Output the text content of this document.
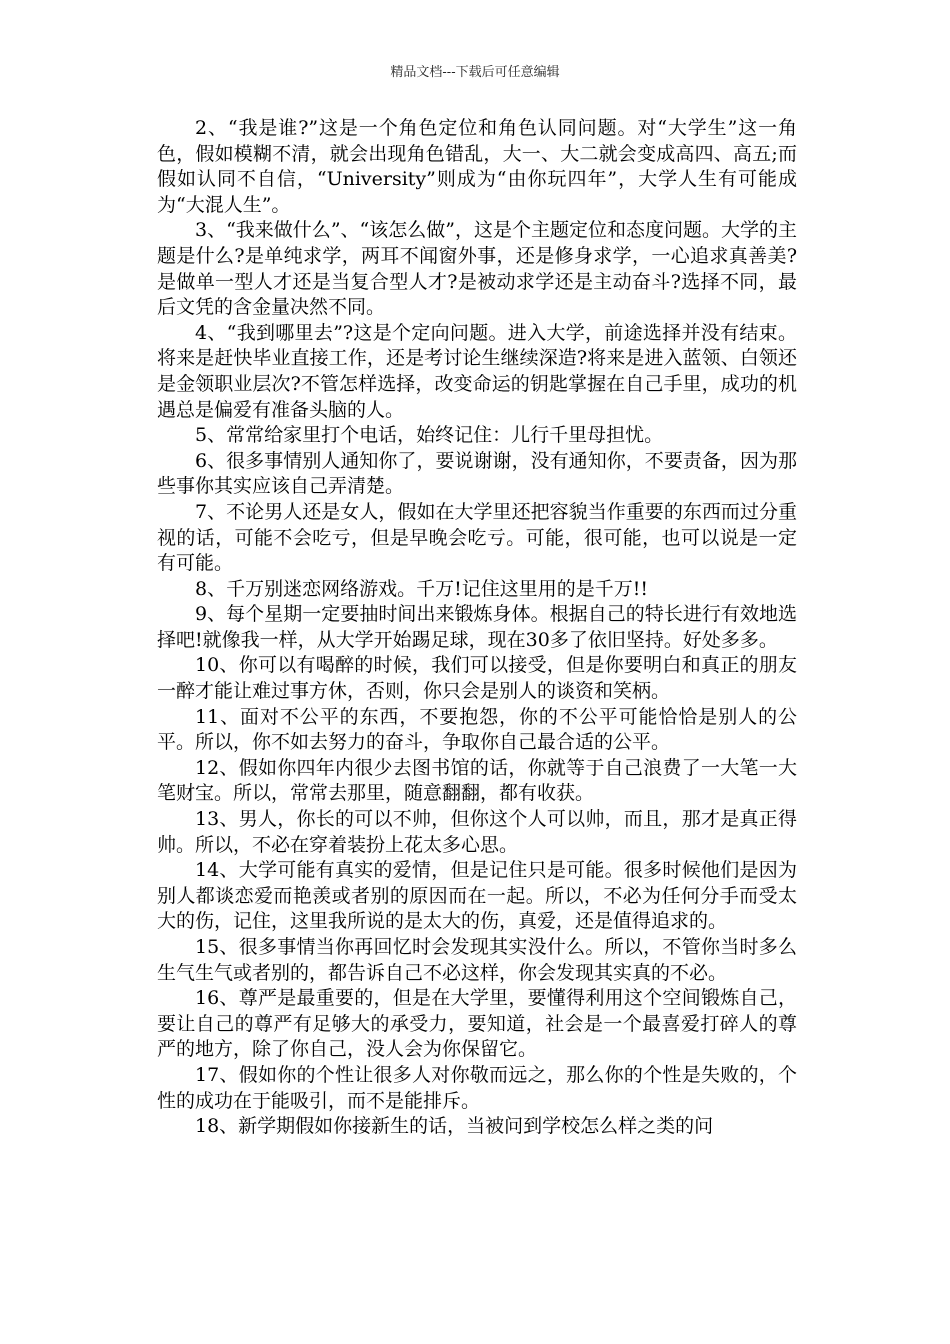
精品文档---下载后可任意编辑

2、“我是谁?”这是一个角色定位和角色认同问题。对“大学生”这一角色，假如模糊不清，就会出现角色错乱，大一、大二就会变成高四、高五;而假如认同不自信，“University”则成为“由你玩四年”，大学人生有可能成为“大混人生”。

3、“我来做什么”、“该怎么做”，这是个主题定位和态度问题。大学的主题是什么?是单纯求学，两耳不闻窗外事，还是修身求学，一心追求真善美?是做单一型人才还是当复合型人才?是被动求学还是主动奋斗?选择不同，最后文凭的含金量决然不同。

4、“我到哪里去”?这是个定向问题。进入大学，前途选择并没有结束。将来是赶快毕业直接工作，还是考讨论生继续深造?将来是进入蓝领、白领还是金领职业层次?不管怎样选择，改变命运的钥匙掌握在自己手里，成功的机遇总是偏爱有准备头脑的人。

5、常常给家里打个电话，始终记住：儿行千里母担忧。

6、很多事情别人通知你了，要说谢谢，没有通知你，不要责备，因为那些事你其实应该自己弄清楚。

7、不论男人还是女人，假如在大学里还把容貌当作重要的东西而过分重视的话，可能不会吃亏，但是早晚会吃亏。可能，很可能，也可以说是一定有可能。

8、千万别迷恋网络游戏。千万!记住这里用的是千万!!

9、每个星期一定要抽时间出来锻炼身体。根据自己的特长进行有效地选择吧!就像我一样，从大学开始踢足球，现在30多了依旧坚持。好处多多。

10、你可以有喝醉的时候，我们可以接受，但是你要明白和真正的朋友一醉才能让难过事方休，否则，你只会是别人的谈资和笑柄。

11、面对不公平的东西，不要抱怨，你的不公平可能恰恰是别人的公平。所以，你不如去努力的奋斗，争取你自己最合适的公平。

12、假如你四年内很少去图书馆的话，你就等于自己浪费了一大笔一大笔财宝。所以，常常去那里，随意翻翻，都有收获。

13、男人，你长的可以不帅，但你这个人可以帅，而且，那才是真正得帅。所以，不必在穿着装扮上花太多心思。

14、大学可能有真实的爱情，但是记住只是可能。很多时候他们是因为别人都谈恋爱而艳羡或者别的原因而在一起。所以，不必为任何分手而受太大的伤，记住，这里我所说的是太大的伤，真爱，还是值得追求的。

15、很多事情当你再回忆时会发现其实没什么。所以，不管你当时多么生气生气或者别的，都告诉自己不必这样，你会发现其实真的不必。

16、尊严是最重要的，但是在大学里，要懂得利用这个空间锻炼自己，要让自己的尊严有足够大的承受力，要知道，社会是一个最喜爱打碎人的尊严的地方，除了你自己，没人会为你保留它。

17、假如你的个性让很多人对你敬而远之，那么你的个性是失败的，个性的成功在于能吸引，而不是能排斥。

18、新学期假如你接新生的话，当被问到学校怎么样之类的问
